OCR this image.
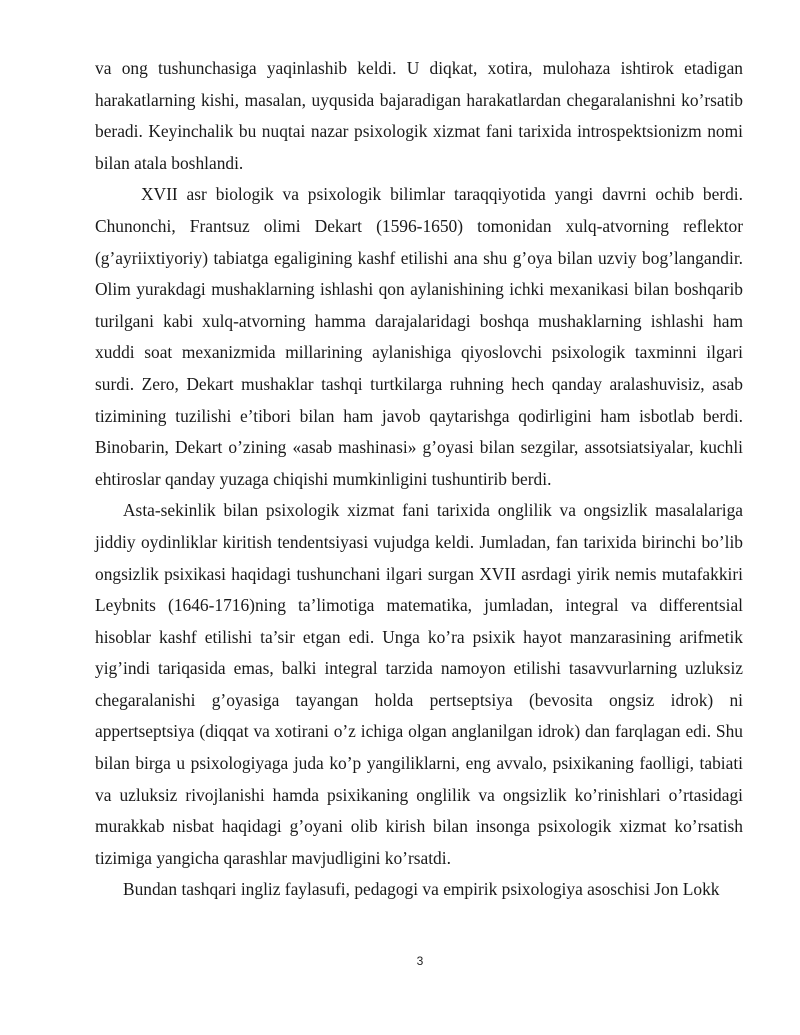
va ong tushunchasiga yaqinlashib keldi. U diqkat, xotira, mulohaza ishtirok etadigan harakatlarning kishi, masalan, uyqusida bajaradigan harakatlardan chegaralanishni ko’rsatib beradi. Keyinchalik bu nuqtai nazar psixologik xizmat fani tarixida introspektsionizm nomi bilan atala boshlandi.

XVII asr biologik va psixologik bilimlar taraqqiyotida yangi davrni ochib berdi. Chunonchi, Frantsuz olimi Dekart (1596-1650) tomonidan xulq-atvorning reflektor (g’ayriixtiyoriy) tabiatga egaligining kashf etilishi ana shu g’oya bilan uzviy bog’langandir. Olim yurakdagi mushaklarning ishlashi qon aylanishining ichki mexanikasi bilan boshqarib turilgani kabi xulq-atvorning hamma darajalaridagi boshqa mushaklarning ishlashi ham xuddi soat mexanizmida millarining aylanishiga qiyoslovchi psixologik taxminni ilgari surdi. Zero, Dekart mushaklar tashqi turtkilarga ruhning hech qanday aralashuvisiz, asab tizimining tuzilishi e’tibori bilan ham javob qaytarishga qodirligini ham isbotlab berdi. Binobarin, Dekart o’zining «asab mashinasi» g’oyasi bilan sezgilar, assotsiatsiyalar, kuchli ehtiroslar qanday yuzaga chiqishi mumkinligini tushuntirib berdi.

Asta-sekinlik bilan psixologik xizmat fani tarixida onglilik va ongsizlik masalalariga jiddiy oydinliklar kiritish tendentsiyasi vujudga keldi. Jumladan, fan tarixida birinchi bo’lib ongsizlik psixikasi haqidagi tushunchani ilgari surgan XVII asrdagi yirik nemis mutafakkiri Leybnits (1646-1716)ning ta’limotiga matematika, jumladan, integral va differentsial hisoblar kashf etilishi ta’sir etgan edi. Unga ko’ra psixik hayot manzarasining arifmetik yig’indi tariqasida emas, balki integral tarzida namoyon etilishi tasavvurlarning uzluksiz chegaralanishi g’oyasiga tayangan holda pertseptsiya (bevosita ongsiz idrok) ni appertseptsiya (diqqat va xotirani o’z ichiga olgan anglanilgan idrok) dan farqlagan edi. Shu bilan birga u psixologiyaga juda ko’p yangiliklarni, eng avvalo, psixikaning faolligi, tabiati va uzluksiz rivojlanishi hamda psixikaning onglilik va ongsizlik ko’rinishlari o’rtasidagi murakkab nisbat haqidagi g’oyani olib kirish bilan insonga psixologik xizmat ko’rsatish tizimiga yangicha qarashlar mavjudligini ko’rsatdi.

Bundan tashqari ingliz faylasufi, pedagogi va empirik psixologiya asoschisi Jon Lokk

3
